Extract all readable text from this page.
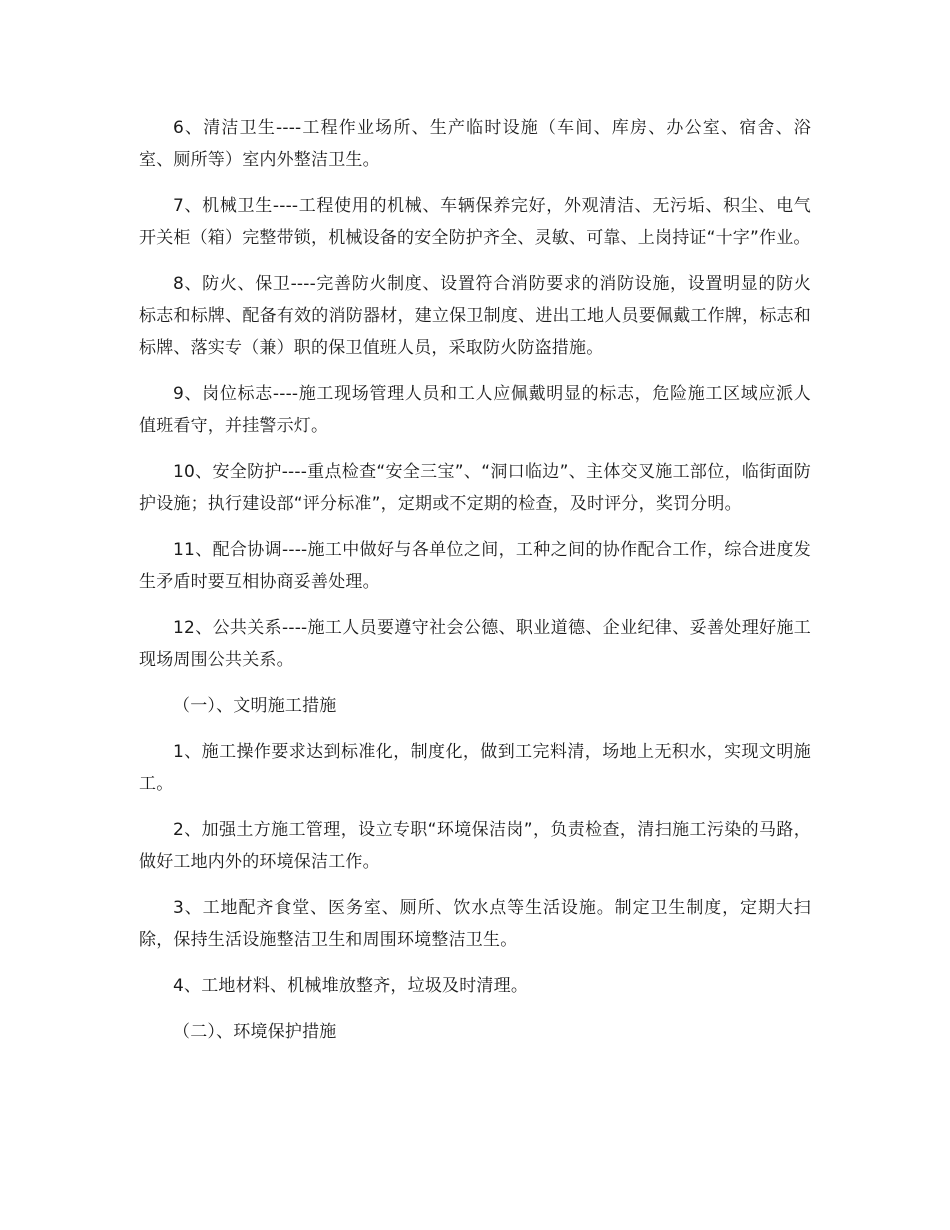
6、清洁卫生----工程作业场所、生产临时设施（车间、库房、办公室、宿舍、浴室、厕所等）室内外整洁卫生。

7、机械卫生----工程使用的机械、车辆保养完好，外观清洁、无污垢、积尘、电气开关柜（箱）完整带锁，机械设备的安全防护齐全、灵敏、可靠、上岗持证“十字”作业。

8、防火、保卫----完善防火制度、设置符合消防要求的消防设施，设置明显的防火标志和标牌、配备有效的消防器材，建立保卫制度、进出工地人员要佩戴工作牌，标志和标牌、落实专（兼）职的保卫值班人员，采取防火防盗措施。

9、岗位标志----施工现场管理人员和工人应佩戴明显的标志，危险施工区域应派人值班看守，并挂警示灯。

10、安全防护----重点检查“安全三宝”、“洞口临边”、主体交叉施工部位，临街面防护设施；执行建设部“评分标准”，定期或不定期的检查，及时评分，奖罚分明。

11、配合协调----施工中做好与各单位之间，工种之间的协作配合工作，综合进度发生矛盾时要互相协商妥善处理。

12、公共关系----施工人员要遵守社会公德、职业道德、企业纪律、妥善处理好施工现场周围公共关系。

（一）、文明施工措施

1、施工操作要求达到标准化，制度化，做到工完料清，场地上无积水，实现文明施工。

2、加强土方施工管理，设立专职“环境保洁岗”，负责检查，清扫施工污染的马路，做好工地内外的环境保洁工作。

3、工地配齐食堂、医务室、厕所、饮水点等生活设施。制定卫生制度，定期大扫除，保持生活设施整洁卫生和周围环境整洁卫生。

4、工地材料、机械堆放整齐，垃圾及时清理。

（二）、环境保护措施
